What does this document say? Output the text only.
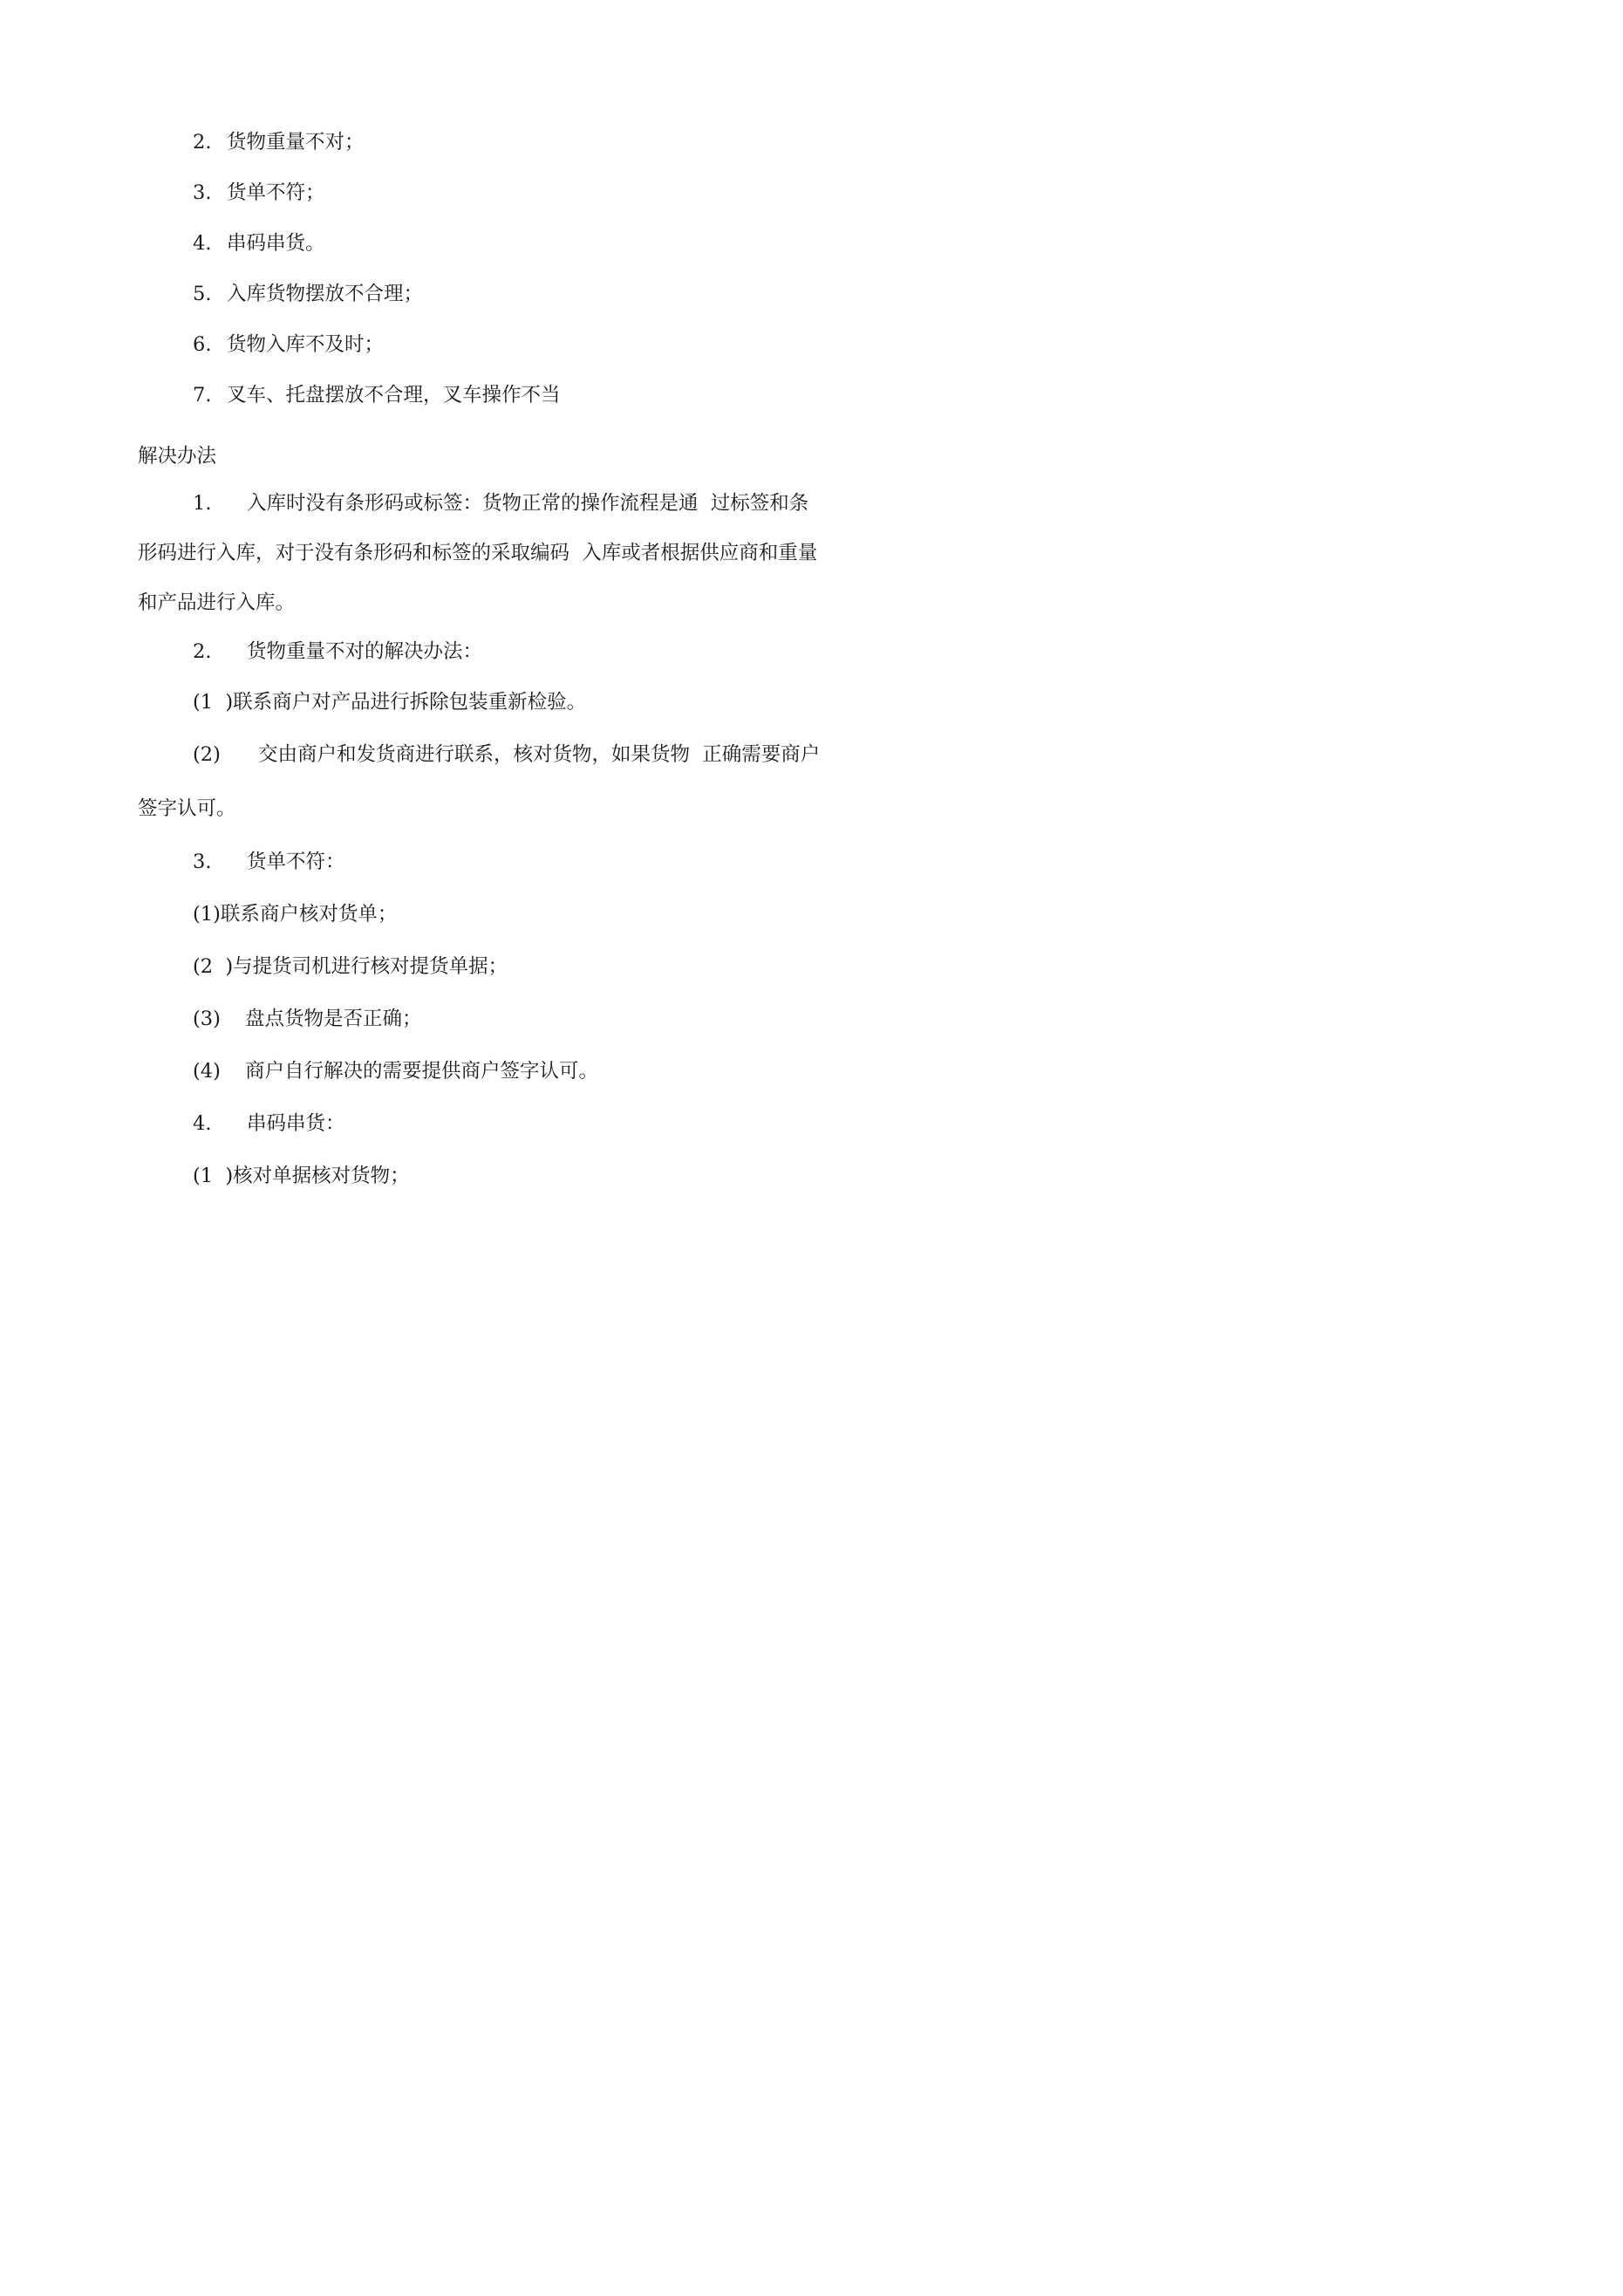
2.

货物重量不对；

3.

货单不符；

4.

串码串货。

5.

入库货物摆放不合理；

6.

货物入库不及时；

7.

叉车、托盘摆放不合理，叉车操作不当

解决办法

1.

入库时没有条形码或标签：货物正常的操作流程是通  过标签和条

形码进行入库，对于没有条形码和标签的采取编码  入库或者根据供应商和重量
和产品进行入库。

2.

货物重量不对的解决办法：

(1  )联系商户对产品进行拆除包装重新检验。

(2)

交由商户和发货商进行联系，核对货物，如果货物  正确需要商户

签字认可。

3.

货单不符：

(1)联系商户核对货单；
(2  )与提货司机进行核对提货单据；

(3)

盘点货物是否正确；

(4)

商户自行解决的需要提供商户签字认可。

4.

串码串货：

(1  )核对单据核对货物；
